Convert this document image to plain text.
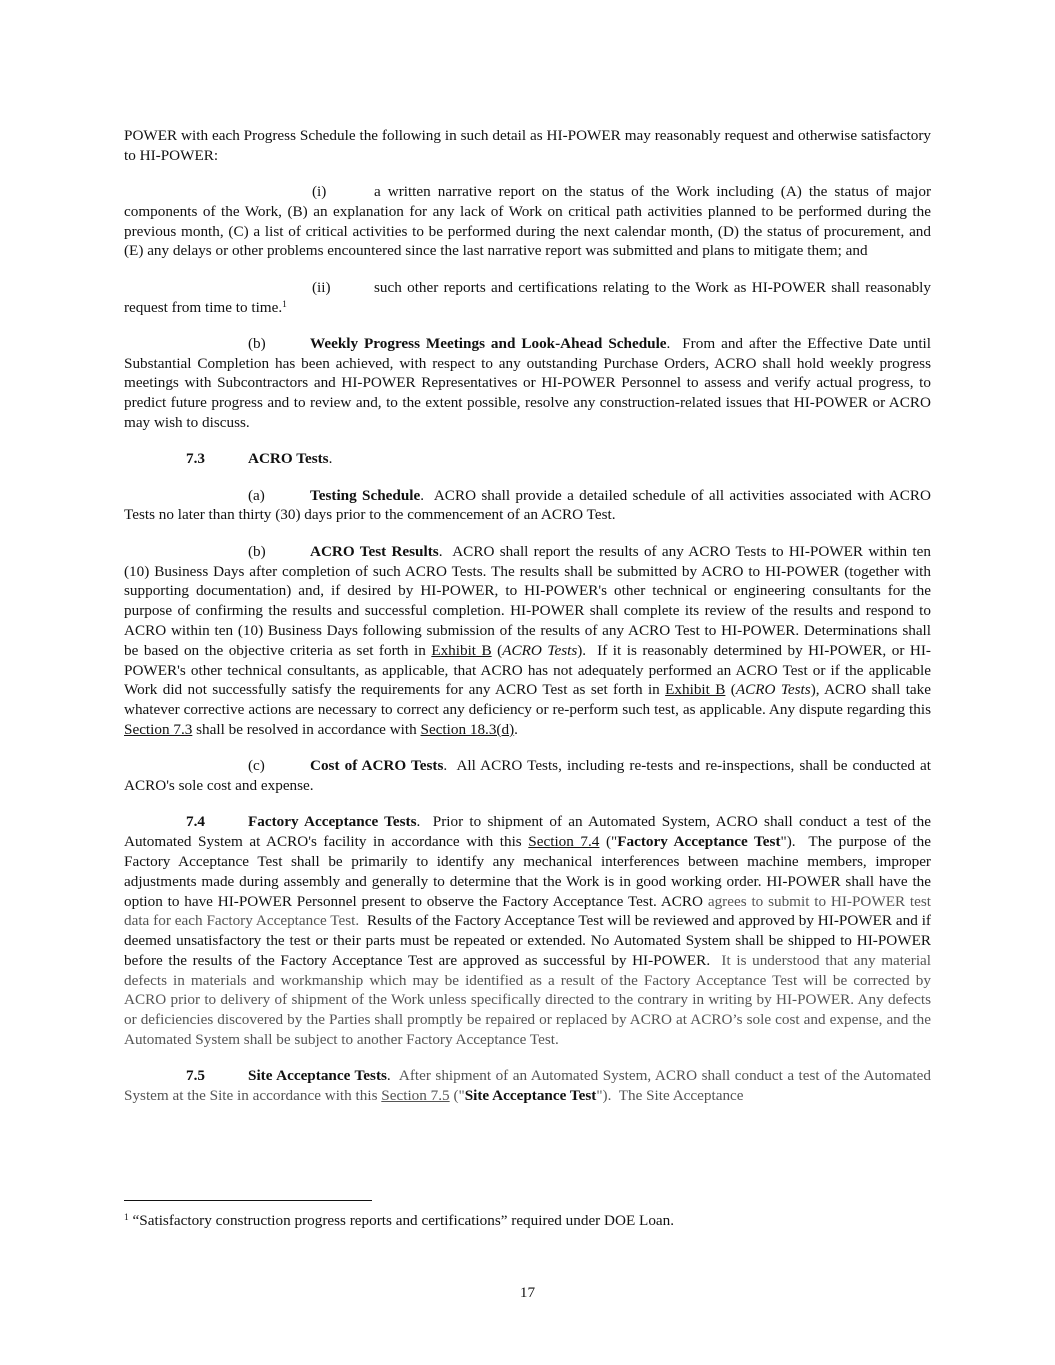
POWER with each Progress Schedule the following in such detail as HI-POWER may reasonably request and otherwise satisfactory to HI-POWER:

(i)	a written narrative report on the status of the Work including (A) the status of major components of the Work, (B) an explanation for any lack of Work on critical path activities planned to be performed during the previous month, (C) a list of critical activities to be performed during the next calendar month, (D) the status of procurement, and (E) any delays or other problems encountered since the last narrative report was submitted and plans to mitigate them; and

(ii)	such other reports and certifications relating to the Work as HI-POWER shall reasonably request from time to time.$^1$

(b)	Weekly Progress Meetings and Look-Ahead Schedule.  From and after the Effective Date until Substantial Completion has been achieved, with respect to any outstanding Purchase Orders, ACRO shall hold weekly progress meetings with Subcontractors and HI-POWER Representatives or HI-POWER Personnel to assess and verify actual progress, to predict future progress and to review and, to the extent possible, resolve any construction-related issues that HI-POWER or ACRO may wish to discuss.

7.3	ACRO Tests.

(a)	Testing Schedule.  ACRO shall provide a detailed schedule of all activities associated with ACRO Tests no later than thirty (30) days prior to the commencement of an ACRO Test.

(b)	ACRO Test Results.  ACRO shall report the results of any ACRO Tests to HI-POWER within ten (10) Business Days after completion of such ACRO Tests. The results shall be submitted by ACRO to HI-POWER (together with supporting documentation) and, if desired by HI-POWER, to HI-POWER's other technical or engineering consultants for the purpose of confirming the results and successful completion. HI-POWER shall complete its review of the results and respond to ACRO within ten (10) Business Days following submission of the results of any ACRO Test to HI-POWER. Determinations shall be based on the objective criteria as set forth in Exhibit B (ACRO Tests).  If it is reasonably determined by HI-POWER, or HI-POWER's other technical consultants, as applicable, that ACRO has not adequately performed an ACRO Test or if the applicable Work did not successfully satisfy the requirements for any ACRO Test as set forth in Exhibit B (ACRO Tests), ACRO shall take whatever corrective actions are necessary to correct any deficiency or re-perform such test, as applicable. Any dispute regarding this Section 7.3 shall be resolved in accordance with Section 18.3(d).

(c)	Cost of ACRO Tests.  All ACRO Tests, including re-tests and re-inspections, shall be conducted at ACRO's sole cost and expense.

7.4	Factory Acceptance Tests.  Prior to shipment of an Automated System, ACRO shall conduct a test of the Automated System at ACRO's facility in accordance with this Section 7.4 ("Factory Acceptance Test").  The purpose of the Factory Acceptance Test shall be primarily to identify any mechanical interferences between machine members, improper adjustments made during assembly and generally to determine that the Work is in good working order. HI-POWER shall have the option to have HI-POWER Personnel present to observe the Factory Acceptance Test. ACRO agrees to submit to HI-POWER test data for each Factory Acceptance Test. Results of the Factory Acceptance Test will be reviewed and approved by HI-POWER and if deemed unsatisfactory the test or their parts must be repeated or extended. No Automated System shall be shipped to HI-POWER before the results of the Factory Acceptance Test are approved as successful by HI-POWER. It is understood that any material defects in materials and workmanship which may be identified as a result of the Factory Acceptance Test will be corrected by ACRO prior to delivery of shipment of the Work unless specifically directed to the contrary in writing by HI-POWER. Any defects or deficiencies discovered by the Parties shall promptly be repaired or replaced by ACRO at ACRO’s sole cost and expense, and the Automated System shall be subject to another Factory Acceptance Test.

7.5	Site Acceptance Tests.  After shipment of an Automated System, ACRO shall conduct a test of the Automated System at the Site in accordance with this Section 7.5 ("Site Acceptance Test"). The Site Acceptance

$^1$ “Satisfactory construction progress reports and certifications” required under DOE Loan.
17
